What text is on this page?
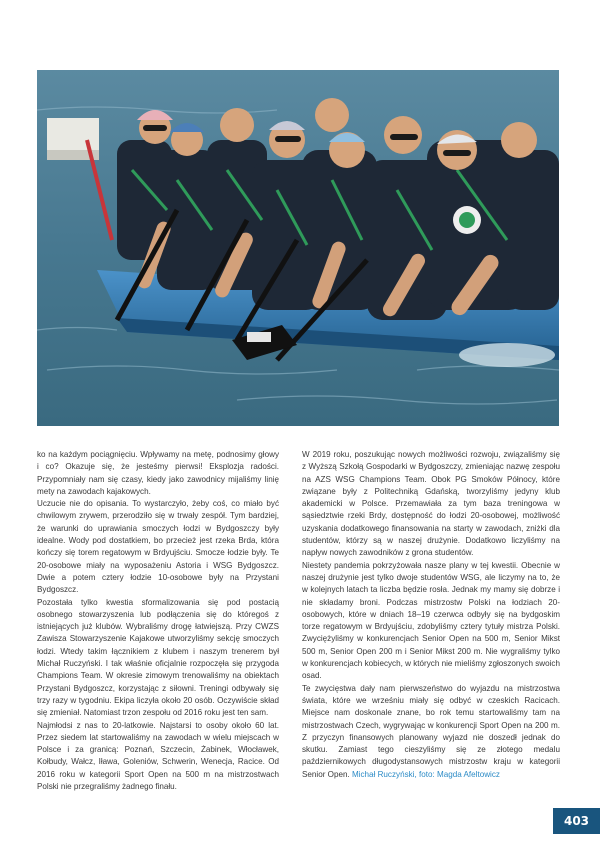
ko na każdym pociągnięciu. Wpływamy na metę, podnosimy głowy i co? Okazuje się, że jesteśmy pierwsi! Eksplozja radości. Przypomniały nam się czasy, kiedy jako zawodnicy mijaliśmy linię mety na zawodach kajakowych.

Uczucie nie do opisania. To wystarczyło, żeby coś, co miało być chwilowym zrywem, przerodziło się w trwały zespół. Tym bardziej, że warunki do uprawiania smoczych łodzi w Bydgoszczy były idealne. Wody pod dostatkiem, bo przecież jest rzeka Brda, która kończy się torem regatowym w Brdyujściu. Smocze łodzie były. Te 20-osobowe miały na wyposażeniu Astoria i WSG Bydgoszcz. Dwie a potem cztery łodzie 10-osobowe były na Przystani Bydgoszcz.

Pozostała tylko kwestia sformalizowania się pod postacią osobnego stowarzyszenia lub podłączenia się do któregoś z istniejących już klubów. Wybraliśmy drogę łatwiejszą. Przy CWZS Zawisza Stowarzyszenie Kajakowe utworzyliśmy sekcję smoczych łodzi. Wtedy takim łącznikiem z klubem i naszym trenerem był Michał Ruczyński. I tak właśnie oficjalnie rozpoczęła się przygoda Champions Team. W okresie zimowym trenowaliśmy na obiektach Przystani Bydgoszcz, korzystając z siłowni. Treningi odbywały się trzy razy w tygodniu. Ekipa liczyła około 20 osób. Oczywiście skład się zmieniał. Natomiast trzon zespołu od 2016 roku jest ten sam.

Najmłodsi z nas to 20-latkowie. Najstarsi to osoby około 60 lat. Przez siedem lat startowaliśmy na zawodach w wielu miejscach w Polsce i za granicą: Poznań, Szczecin, Żabinek, Włocławek, Kołbudy, Wałcz, Iława, Goleniów, Schwerin, Wenecja, Racice. Od 2016 roku w kategorii Sport Open na 500 m na mistrzostwach Polski nie przegraliśmy żadnego finału.

W 2019 roku, poszukując nowych możliwości rozwoju, związaliśmy się z Wyższą Szkołą Gospodarki w Bydgoszczy, zmieniając nazwę zespołu na AZS WSG Champions Team. Obok PG Smoków Północy, które związane były z Politechniką Gdańską, tworzyliśmy jedyny klub akademicki w Polsce. Przemawiała za tym baza treningowa w sąsiedztwie rzeki Brdy, dostępność do łodzi 20-osobowej, możliwość uzyskania dodatkowego finansowania na starty w zawodach, zniżki dla studentów, którzy są w naszej drużynie. Dodatkowo liczyliśmy na napływ nowych zawodników z grona studentów.

Niestety pandemia pokrzyżowała nasze plany w tej kwestii. Obecnie w naszej drużynie jest tylko dwoje studentów WSG, ale liczymy na to, że w kolejnych latach ta liczba będzie rosła. Jednak my mamy się dobrze i nie składamy broni. Podczas mistrzostw Polski na łodziach 20-osobowych, które w dniach 18–19 czerwca odbyły się na bydgoskim torze regatowym w Brdyujściu, zdobyliśmy cztery tytuły mistrza Polski. Zwyciężyliśmy w konkurencjach Senior Open na 500 m, Senior Mikst 500 m, Senior Open 200 m i Senior Mikst 200 m. Nie wygraliśmy tylko w konkurencjach kobiecych, w których nie mieliśmy zgłoszonych swoich osad.

Te zwycięstwa dały nam pierwszeństwo do wyjazdu na mistrzostwa świata, które we wrześniu miały się odbyć w czeskich Racicach. Miejsce nam doskonale znane, bo rok temu startowaliśmy tam na mistrzostwach Czech, wygrywając w konkurencji Sport Open na 200 m. Z przyczyn finansowych planowany wyjazd nie doszedł jednak do skutku. Zamiast tego cieszyliśmy się ze złotego medalu październikowych długodystansowych mistrzostw kraju w kategorii Senior Open. Michał Ruczyński, foto: Magda Afeltowicz

403
